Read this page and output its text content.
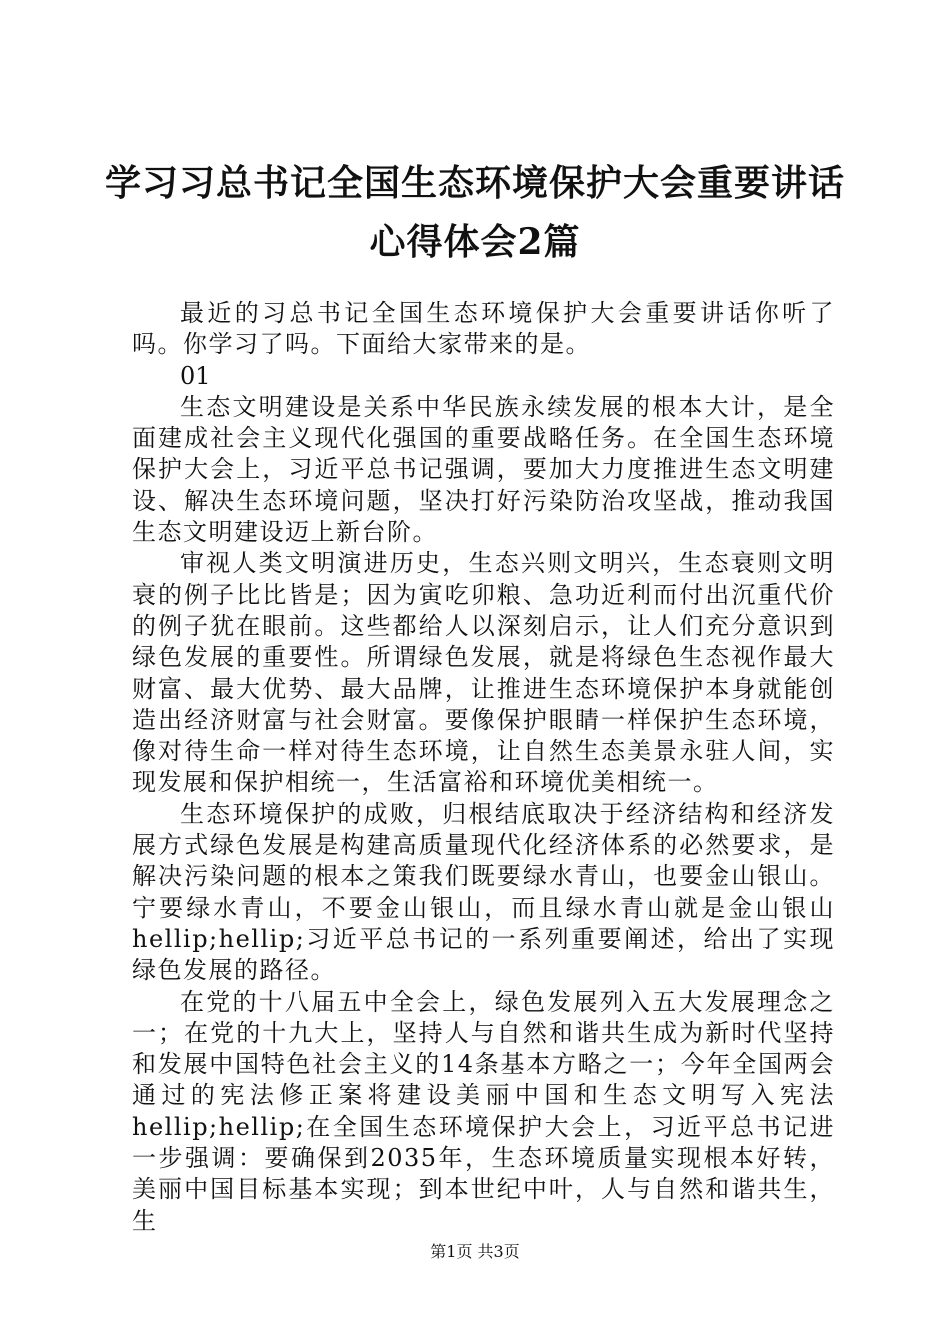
学习习总书记全国生态环境保护大会重要讲话
心得体会2篇

最近的习总书记全国生态环境保护大会重要讲话你听了吗。你学习了吗。下面给大家带来的是。

01

生态文明建设是关系中华民族永续发展的根本大计，是全面建成社会主义现代化强国的重要战略任务。在全国生态环境保护大会上，习近平总书记强调，要加大力度推进生态文明建设、解决生态环境问题，坚决打好污染防治攻坚战，推动我国生态文明建设迈上新台阶。

审视人类文明演进历史，生态兴则文明兴，生态衰则文明衰的例子比比皆是；因为寅吃卯粮、急功近利而付出沉重代价的例子犹在眼前。这些都给人以深刻启示，让人们充分意识到绿色发展的重要性。所谓绿色发展，就是将绿色生态视作最大财富、最大优势、最大品牌，让推进生态环境保护本身就能创造出经济财富与社会财富。要像保护眼睛一样保护生态环境，像对待生命一样对待生态环境，让自然生态美景永驻人间，实现发展和保护相统一，生活富裕和环境优美相统一。

生态环境保护的成败，归根结底取决于经济结构和经济发展方式绿色发展是构建高质量现代化经济体系的必然要求，是解决污染问题的根本之策我们既要绿水青山，也要金山银山。宁要绿水青山，不要金山银山，而且绿水青山就是金山银山hellip;hellip;习近平总书记的一系列重要阐述，给出了实现绿色发展的路径。

在党的十八届五中全会上，绿色发展列入五大发展理念之一；在党的十九大上，坚持人与自然和谐共生成为新时代坚持和发展中国特色社会主义的14条基本方略之一；今年全国两会通过的宪法修正案将建设美丽中国和生态文明写入宪法hellip;hellip;在全国生态环境保护大会上，习近平总书记进一步强调：要确保到2035年，生态环境质量实现根本好转，美丽中国目标基本实现；到本世纪中叶，人与自然和谐共生，生

第1页 共3页
